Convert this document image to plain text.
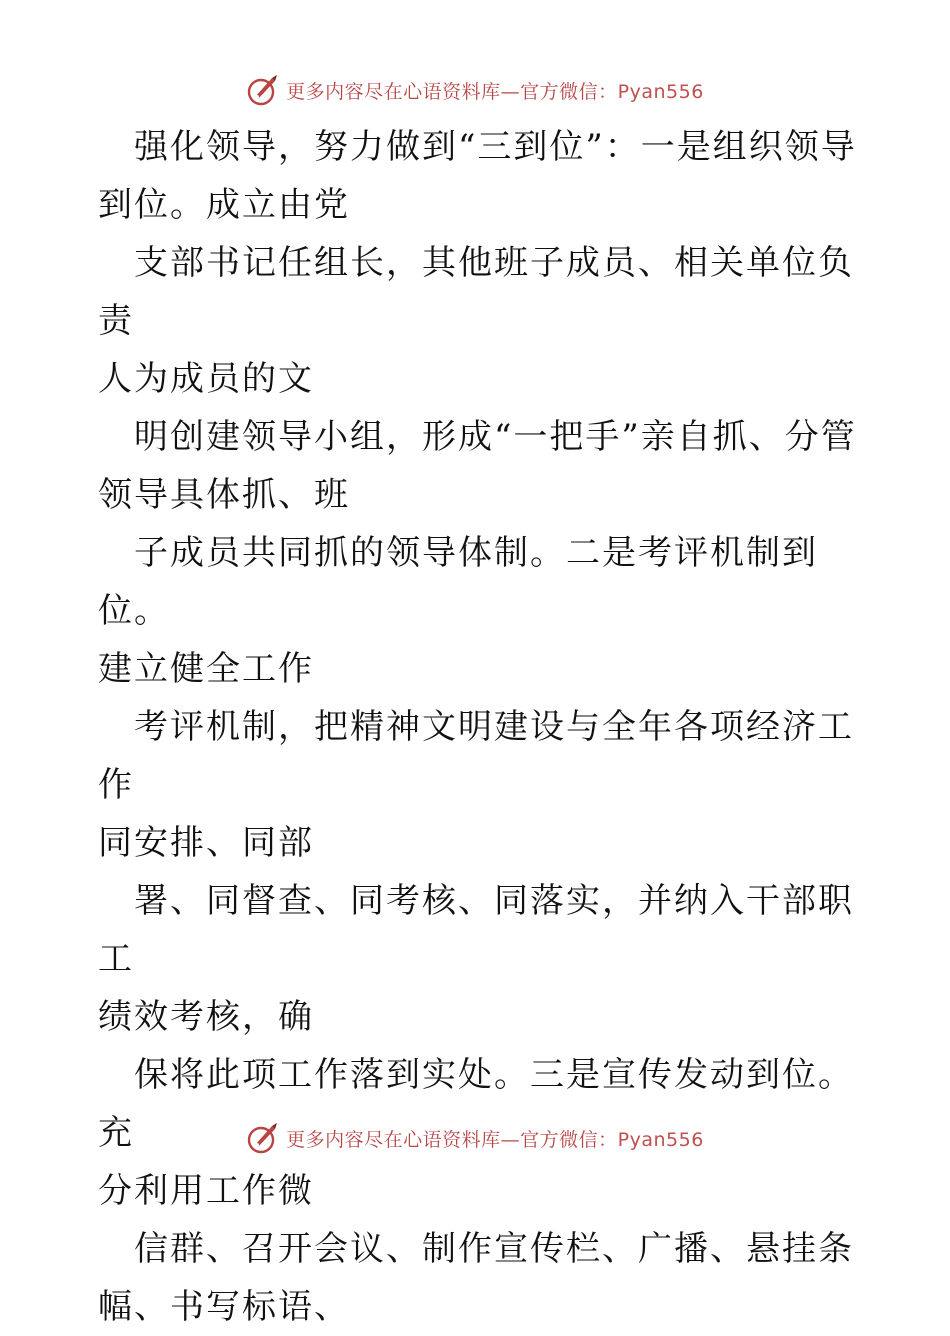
更多内容尽在心语资料库—官方微信：Pyan556

强化领导，努力做到“三到位”：一是组织领导
到位。成立由党

支部书记任组长，其他班子成员、相关单位负责
人为成员的文

明创建领导小组，形成“一把手”亲自抓、分管
领导具体抓、班

子成员共同抓的领导体制。二是考评机制到位。
建立健全工作

考评机制，把精神文明建设与全年各项经济工作
同安排、同部

署、同督查、同考核、同落实，并纳入干部职工
绩效考核，确

保将此项工作落到实处。三是宣传发动到位。充
分利用工作微

信群、召开会议、制作宣传栏、广播、悬挂条
幅、书写标语、

更多内容尽在心语资料库—官方微信：Pyan556
